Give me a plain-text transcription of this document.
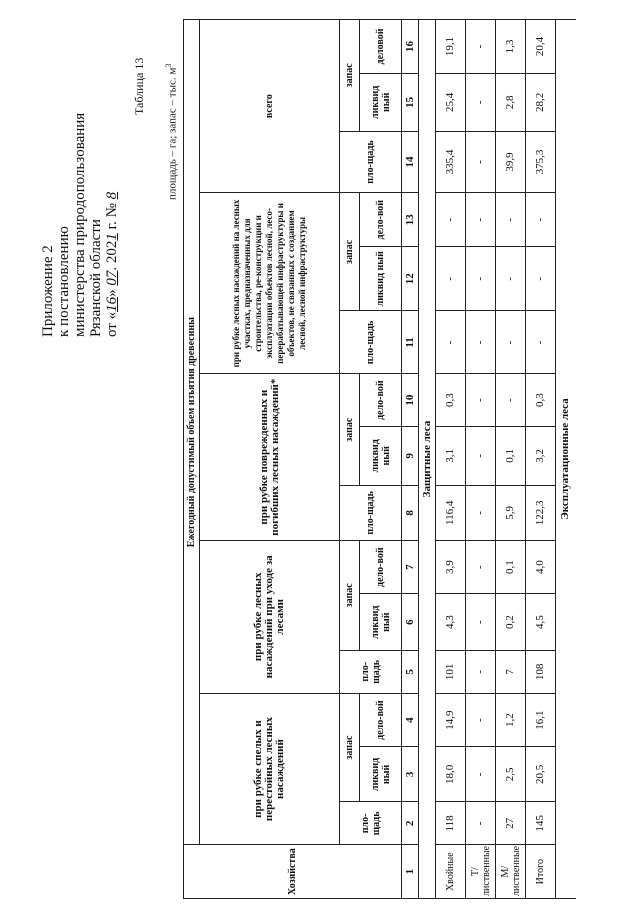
Приложение 2 к постановлению министерства природопользования Рязанской области от «16» 07. 2021 г. № 8
Таблица 13 площадь – га; запас – тыс. $м^3$
Хозяйства	Ежегодный допустимый объем изъятия древесины														
	при рубке спелых и перестойных лесных насаждений			при рубке лесных насаждений при уходе за лесами			при рубке поврежденных и погибших лесных насаждений*			при рубке лесных насаждений на лесных участках, предназначенных для строительства, ре-конструкции и эксплуатации объектов лесной, лесо-перерабатывающей инфраструктуры и объектов, не связанных с созданием лесной, лесной инфраструктуры			всего		
	пло-щадь	запас		пло-щадь	запас		пло-щадь	запас		пло-щадь	запас		пло-щадь	запас	
		ликвид ный	дело-вой		ликвид ный	дело-вой		ликвид ный	дело-вой		ликвид ный	дело-вой		ликвид ный	деловой
1	2	3	4	5	6	7	8	9	10	11	12	13	14	15	16
Защитные леса															
Хвойные	118	18,0	14,9	101	4,3	3,9	116,4	3,1	0,3	-	-	-	335,4	25,4	19,1
Т/лиственные	-	-	-	-	-	-	-	-	-	-	-	-	-	-	-
М/лиственные	27	2,5	1,2	7	0,2	0,1	5,9	0,1	-	-	-	-	39,9	2,8	1,3
Итого	145	20,5	16,1	108	4,5	4,0	122,3	3,2	0,3	-	-	-	375,3	28,2	20,4
Эксплуатационные леса															
